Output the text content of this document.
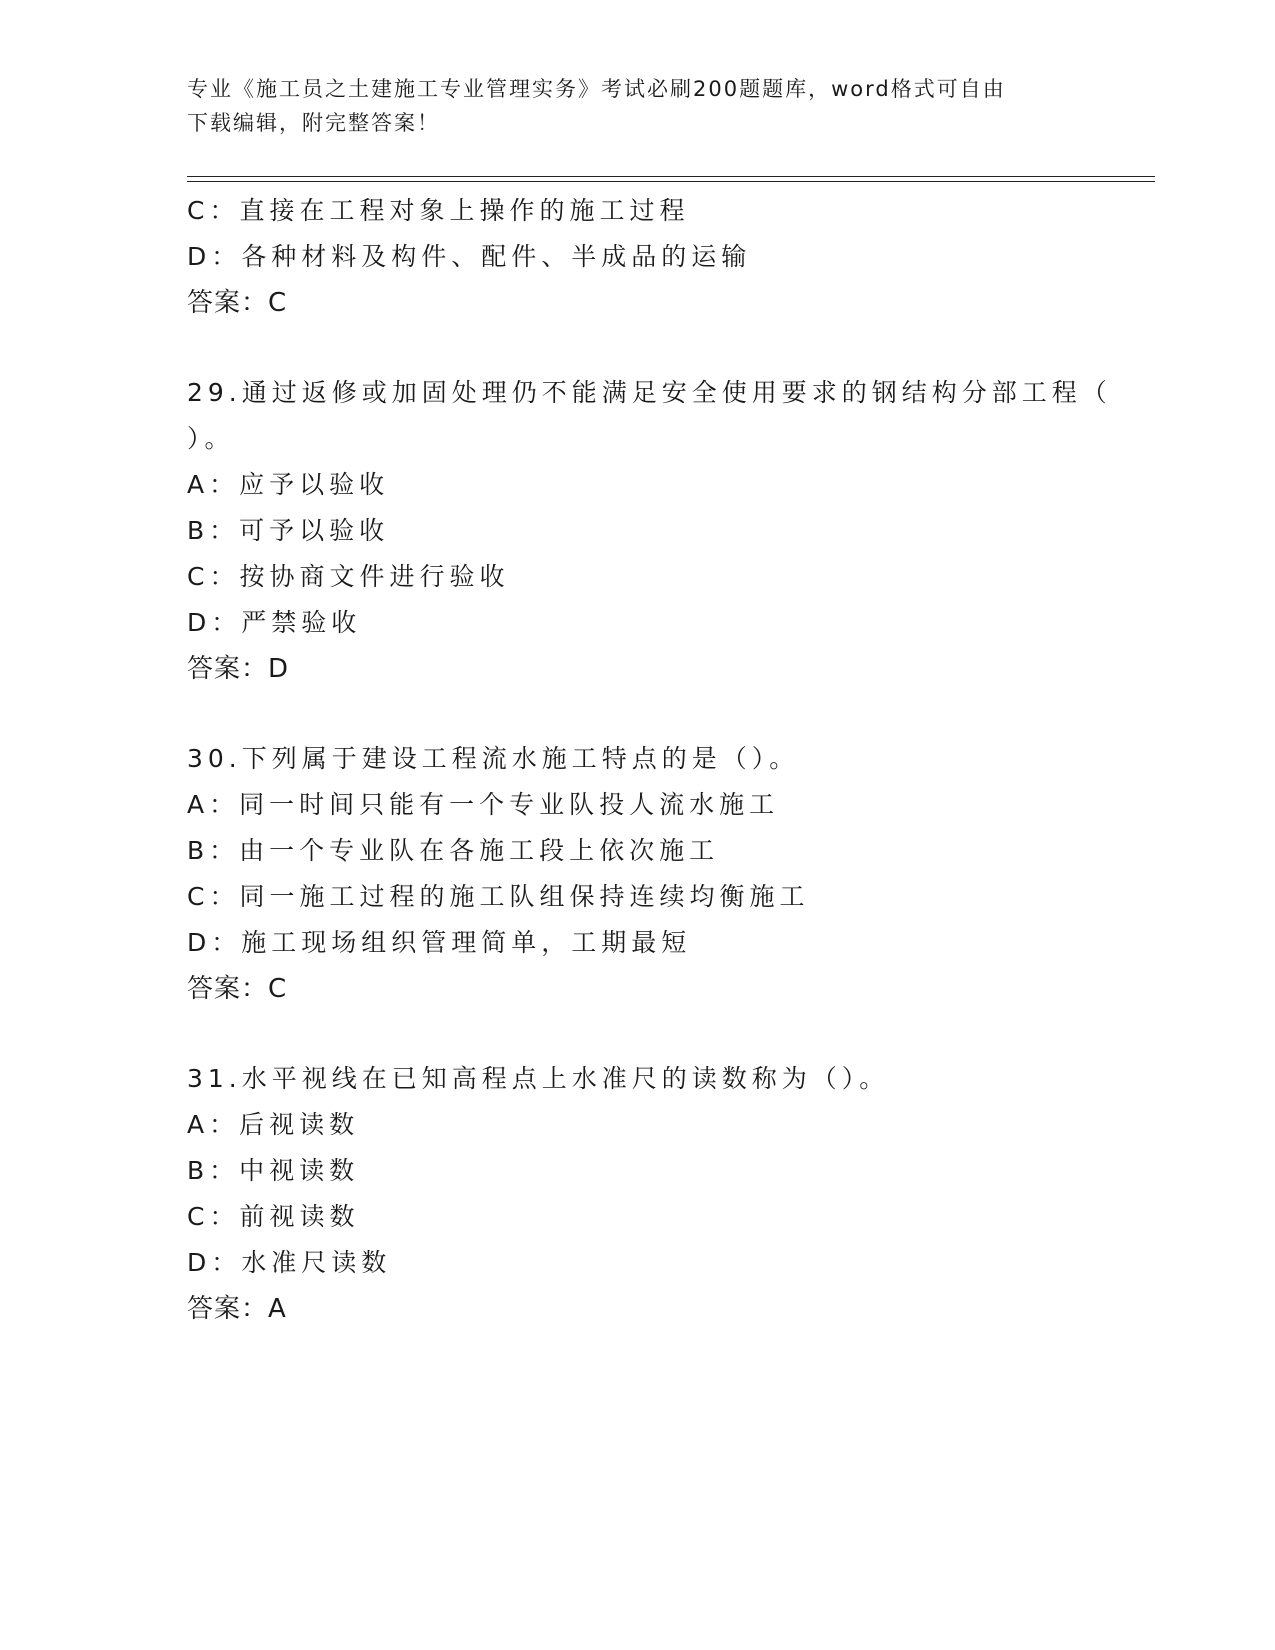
专业《施工员之土建施工专业管理实务》考试必刷200题题库，word格式可自由
下载编辑，附完整答案！
C：直接在工程对象上操作的施工过程
D：各种材料及构件、配件、半成品的运输
答案：C
29.通过返修或加固处理仍不能满足安全使用要求的钢结构分部工程（
）。
A：应予以验收
B：可予以验收
C：按协商文件进行验收
D：严禁验收
答案：D
30.下列属于建设工程流水施工特点的是（）。
A：同一时间只能有一个专业队投人流水施工
B：由一个专业队在各施工段上依次施工
C：同一施工过程的施工队组保持连续均衡施工
D：施工现场组织管理简单，工期最短
答案：C
31.水平视线在已知高程点上水准尺的读数称为（）。
A：后视读数
B：中视读数
C：前视读数
D：水准尺读数
答案：A
